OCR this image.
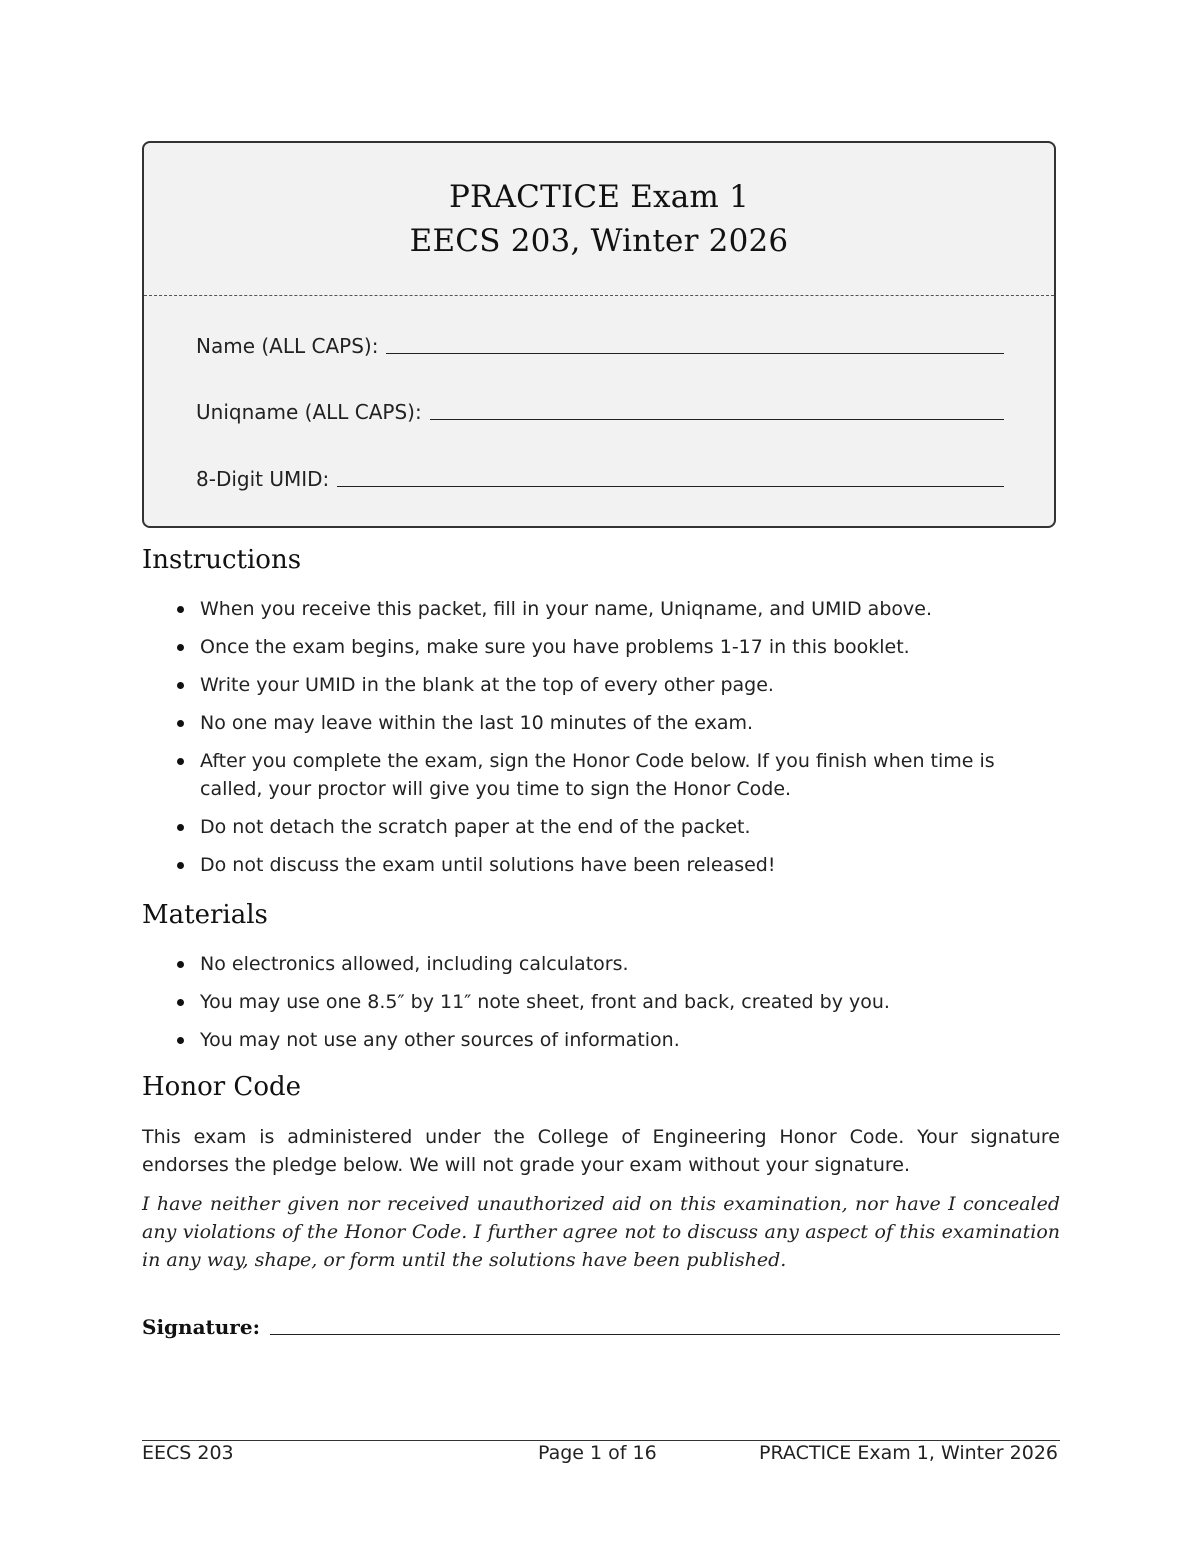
PRACTICE Exam 1
EECS 203, Winter 2026
Name (ALL CAPS):
Uniqname (ALL CAPS):
8-Digit UMID:
Instructions
When you receive this packet, fill in your name, Uniqname, and UMID above.
Once the exam begins, make sure you have problems 1-17 in this booklet.
Write your UMID in the blank at the top of every other page.
No one may leave within the last 10 minutes of the exam.
After you complete the exam, sign the Honor Code below. If you finish when time is called, your proctor will give you time to sign the Honor Code.
Do not detach the scratch paper at the end of the packet.
Do not discuss the exam until solutions have been released!
Materials
No electronics allowed, including calculators.
You may use one 8.5″ by 11″ note sheet, front and back, created by you.
You may not use any other sources of information.
Honor Code
This exam is administered under the College of Engineering Honor Code. Your signature endorses the pledge below. We will not grade your exam without your signature.
I have neither given nor received unauthorized aid on this examination, nor have I concealed any violations of the Honor Code. I further agree not to discuss any aspect of this examination in any way, shape, or form until the solutions have been published.
Signature:
EECS 203	Page 1 of 16	PRACTICE Exam 1, Winter 2026
